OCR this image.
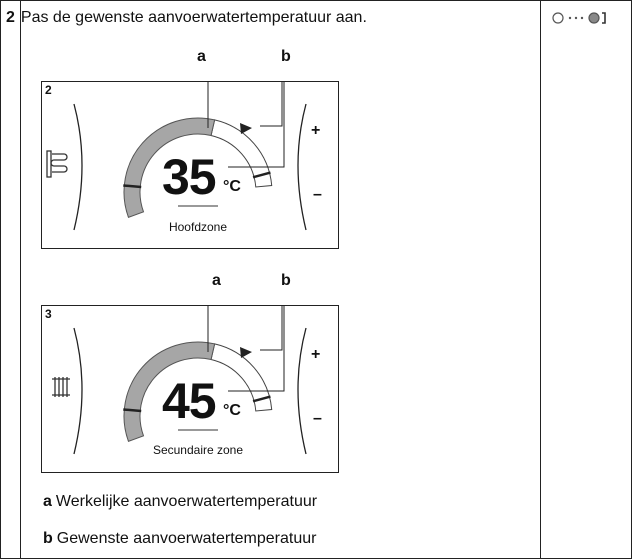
2 Pas de gewenste aanvoerwatertemperatuur aan.
a	b
2
35 °C
Hoofdzone
+
–
a	b
3
45 °C
Secundaire zone
+
–
a Werkelijke aanvoerwatertemperatuur
b Gewenste aanvoerwatertemperatuur
